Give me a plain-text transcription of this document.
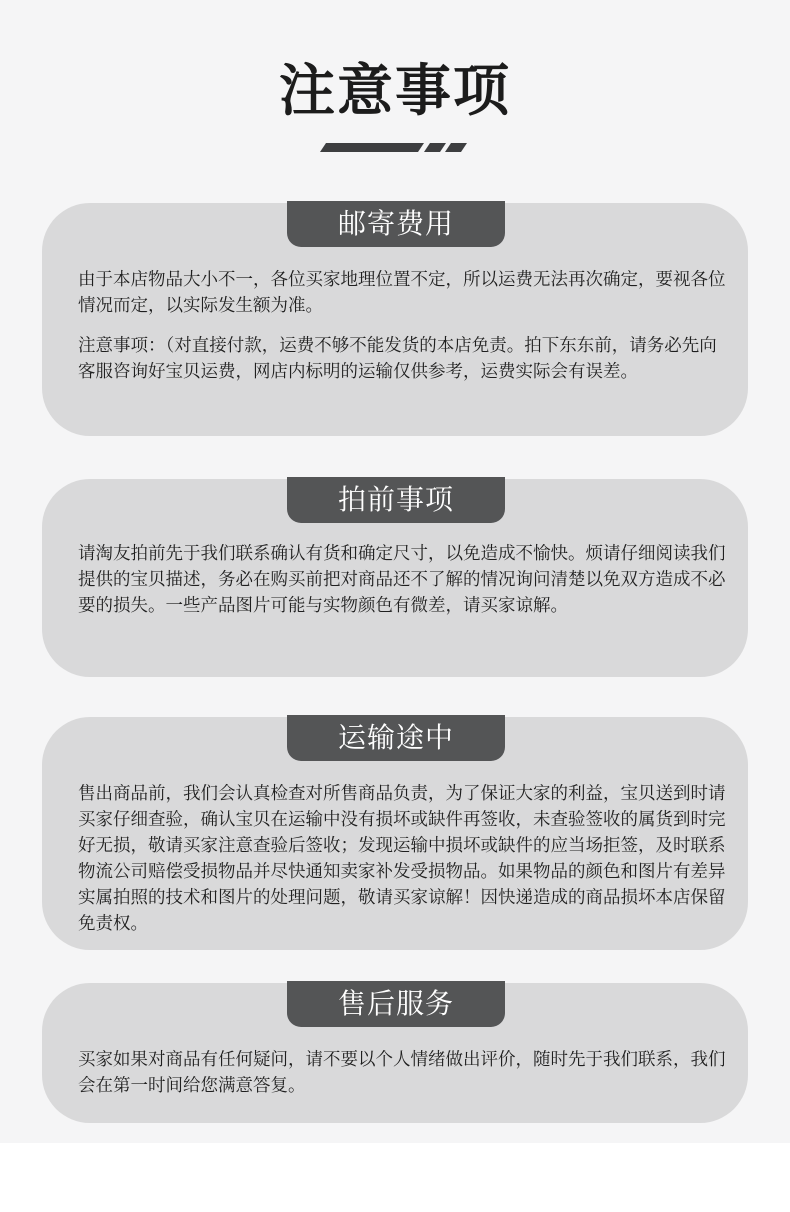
注意事项
邮寄费用

由于本店物品大小不一，各位买家地理位置不定，所以运费无法再次确定，要视各位情况而定，以实际发生额为准。

注意事项：（对直接付款，运费不够不能发货的本店免责。拍下东东前，请务必先向客服咨询好宝贝运费，网店内标明的运输仅供参考，运费实际会有误差。

拍前事项

请淘友拍前先于我们联系确认有货和确定尺寸，以免造成不愉快。烦请仔细阅读我们提供的宝贝描述，务必在购买前把对商品还不了解的情况询问清楚以免双方造成不必要的损失。一些产品图片可能与实物颜色有微差，请买家谅解。

运输途中

售出商品前，我们会认真检查对所售商品负责，为了保证大家的利益，宝贝送到时请买家仔细查验，确认宝贝在运输中没有损坏或缺件再签收，未查验签收的属货到时完好无损，敬请买家注意查验后签收；发现运输中损坏或缺件的应当场拒签，及时联系物流公司赔偿受损物品并尽快通知卖家补发受损物品。如果物品的颜色和图片有差异实属拍照的技术和图片的处理问题，敬请买家谅解！因快递造成的商品损坏本店保留免责权。

售后服务

买家如果对商品有任何疑问，请不要以个人情绪做出评价，随时先于我们联系，我们会在第一时间给您满意答复。
